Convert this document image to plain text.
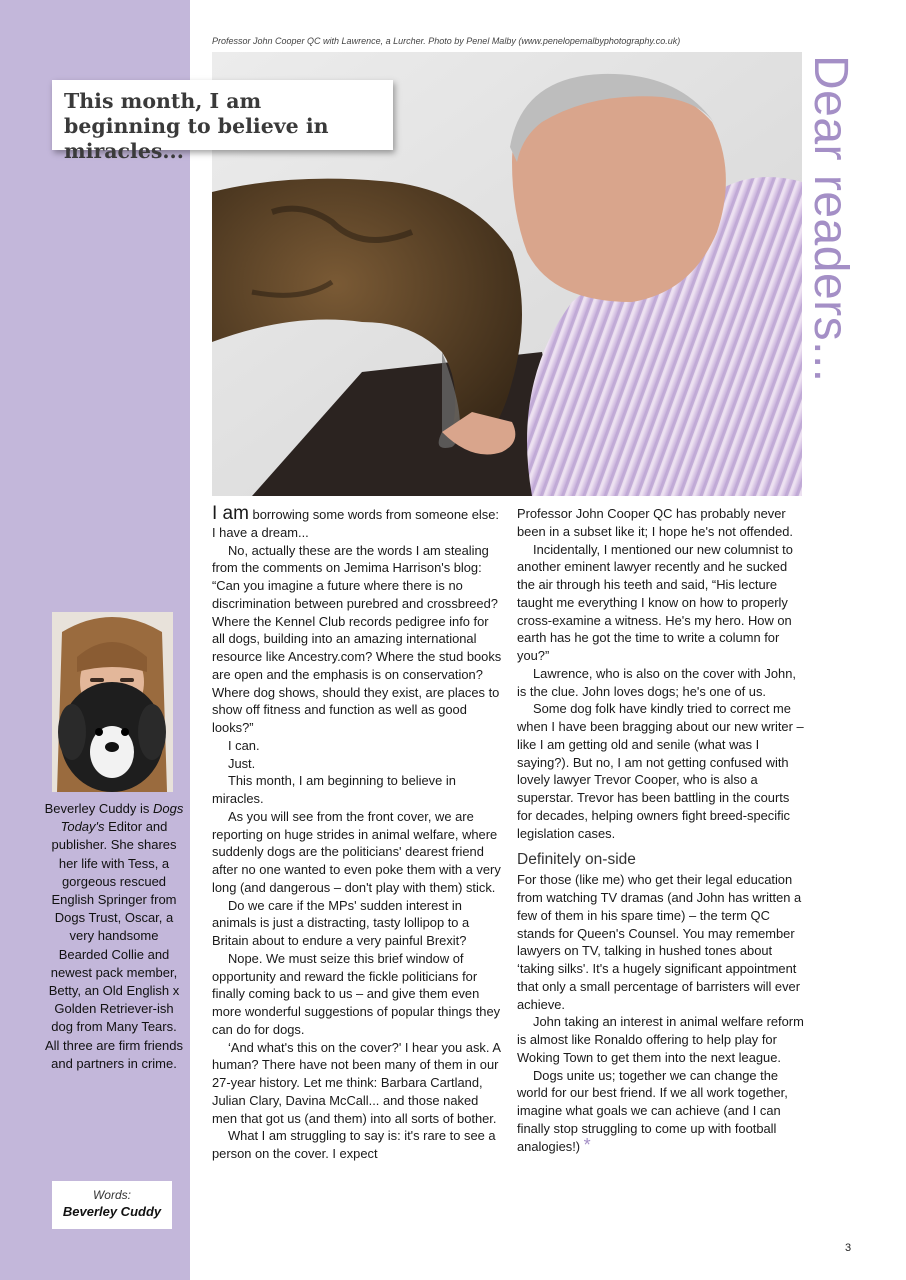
Professor John Cooper QC with Lawrence, a Lurcher. Photo by Penel Malby (www.penelopemalbyphotography.co.uk)
Dear readers...

This month, I am beginning to believe in miracles...

Beverley Cuddy is Dogs Today's Editor and publisher. She shares her life with Tess, a gorgeous rescued English Springer from Dogs Trust, Oscar, a very handsome Bearded Collie and newest pack member, Betty, an Old English x Golden Retriever-ish dog from Many Tears. All three are firm friends and partners in crime.

Words:
Beverley Cuddy

I am borrowing some words from someone else: I have a dream...

No, actually these are the words I am stealing from the comments on Jemima Harrison's blog: “Can you imagine a future where there is no discrimination between purebred and crossbreed? Where the Kennel Club records pedigree info for all dogs, building into an amazing international resource like Ancestry.com? Where the stud books are open and the emphasis is on conservation? Where dog shows, should they exist, are places to show off fitness and function as well as good looks?”

I can.

Just.

This month, I am beginning to believe in miracles.

As you will see from the front cover, we are reporting on huge strides in animal welfare, where suddenly dogs are the politicians' dearest friend after no one wanted to even poke them with a very long (and dangerous – don't play with them) stick.

Do we care if the MPs' sudden interest in animals is just a distracting, tasty lollipop to a Britain about to endure a very painful Brexit?

Nope. We must seize this brief window of opportunity and reward the fickle politicians for finally coming back to us – and give them even more wonderful suggestions of popular things they can do for dogs.

‘And what's this on the cover?' I hear you ask. A human? There have not been many of them in our 27-year history. Let me think: Barbara Cartland, Julian Clary, Davina McCall... and those naked men that got us (and them) into all sorts of bother.

What I am struggling to say is: it's rare to see a person on the cover. I expect

Professor John Cooper QC has probably never been in a subset like it; I hope he's not offended.

Incidentally, I mentioned our new columnist to another eminent lawyer recently and he sucked the air through his teeth and said, “His lecture taught me everything I know on how to properly cross-examine a witness. He's my hero. How on earth has he got the time to write a column for you?”

Lawrence, who is also on the cover with John, is the clue. John loves dogs; he's one of us.

Some dog folk have kindly tried to correct me when I have been bragging about our new writer – like I am getting old and senile (what was I saying?). But no, I am not getting confused with lovely lawyer Trevor Cooper, who is also a superstar. Trevor has been battling in the courts for decades, helping owners fight breed-specific legislation cases.

Definitely on-side

For those (like me) who get their legal education from watching TV dramas (and John has written a few of them in his spare time) – the term QC stands for Queen's Counsel. You may remember lawyers on TV, talking in hushed tones about ‘taking silks'. It's a hugely significant appointment that only a small percentage of barristers will ever achieve.

John taking an interest in animal welfare reform is almost like Ronaldo offering to help play for Woking Town to get them into the next league.

Dogs unite us; together we can change the world for our best friend. If we all work together, imagine what goals we can achieve (and I can finally stop struggling to come up with football analogies!) *

3
